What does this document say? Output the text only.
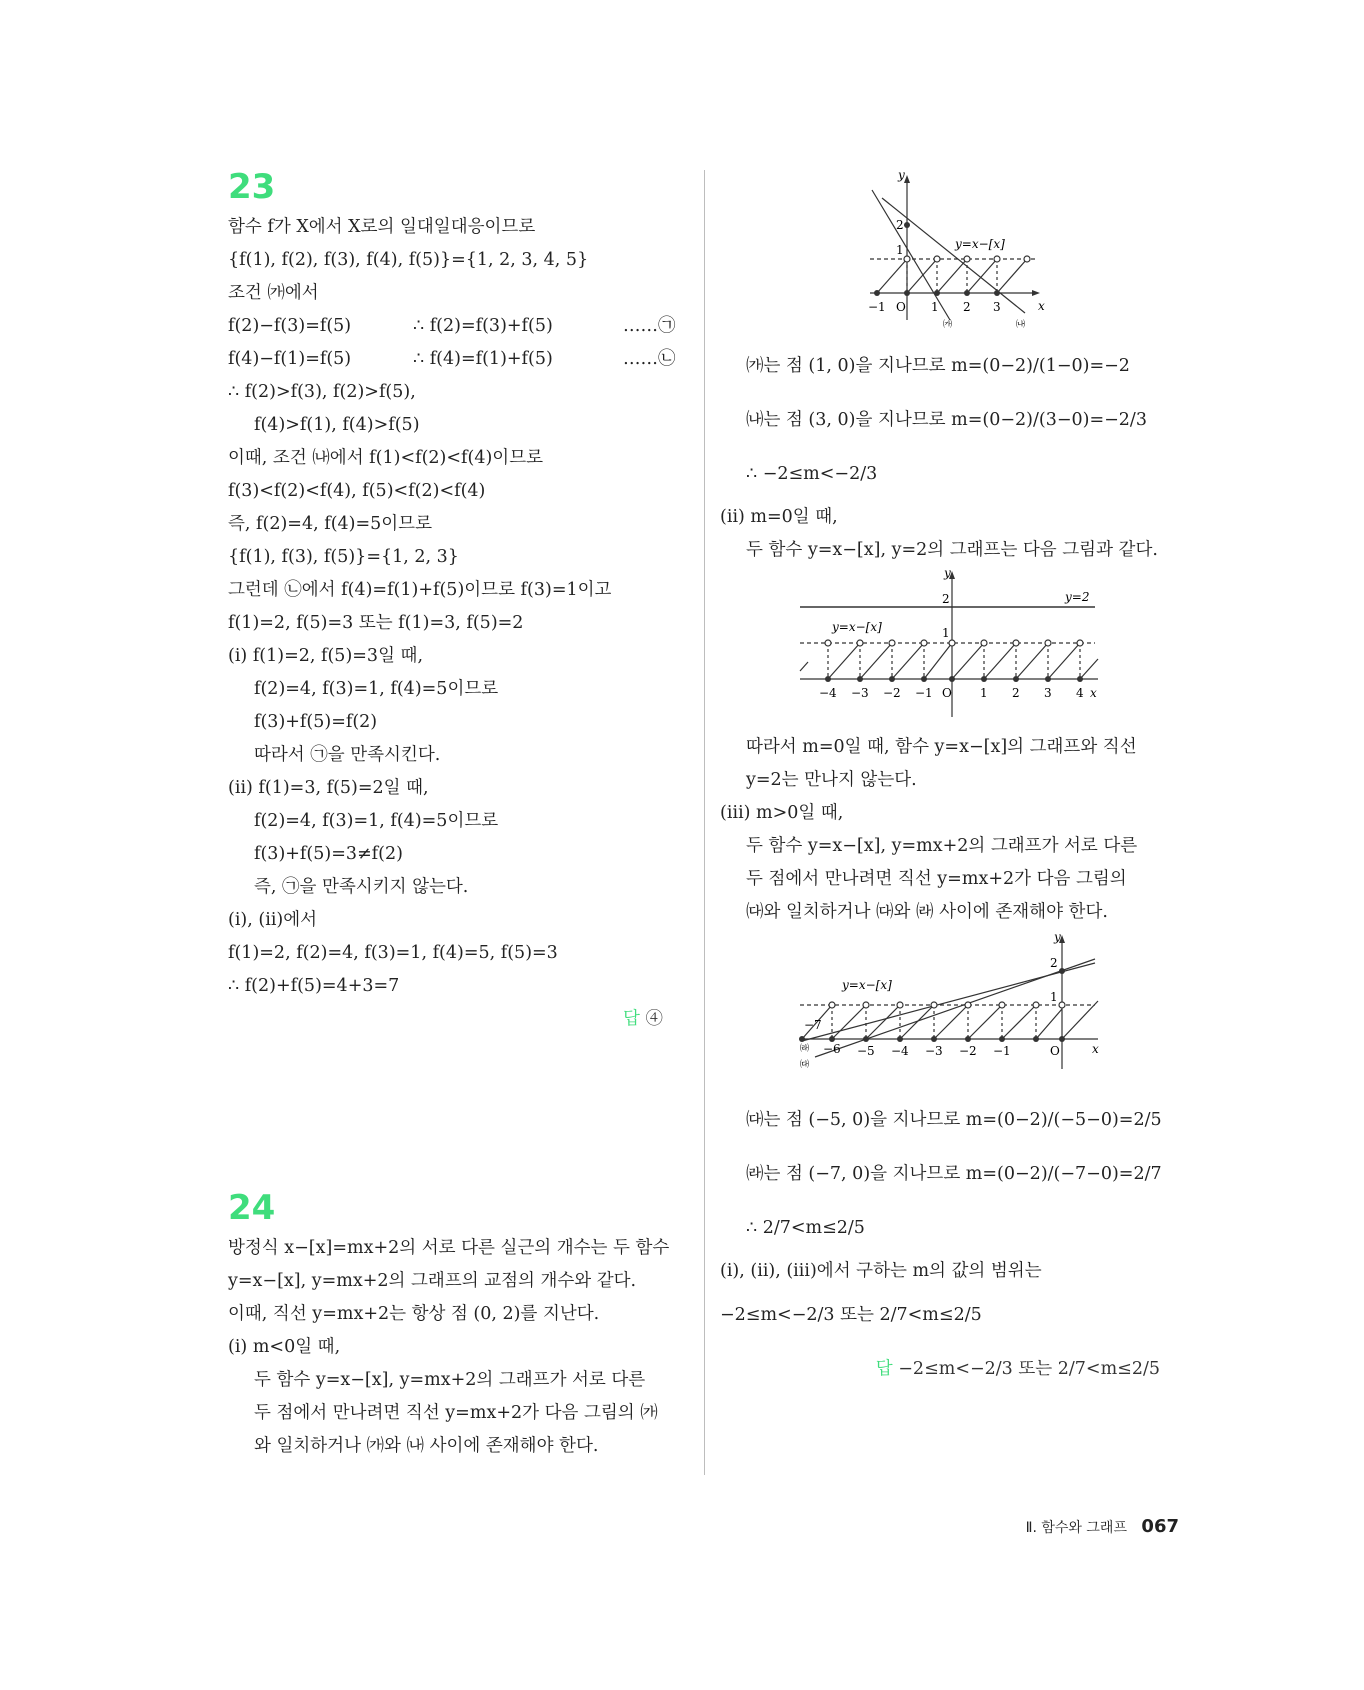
23
함수 f가 X에서 X로의 일대일대응이므로
{f(1), f(2), f(3), f(4), f(5)}={1, 2, 3, 4, 5}
조건 ㈎에서
f(2)−f(3)=f(5)	∴ f(2)=f(3)+f(5)	……㉠
f(4)−f(1)=f(5)	∴ f(4)=f(1)+f(5)	……㉡
∴ f(2)>f(3), f(2)>f(5),
f(4)>f(1), f(4)>f(5)
이때, 조건 ㈏에서 f(1)<f(2)<f(4)이므로
f(3)<f(2)<f(4), f(5)<f(2)<f(4)
즉, f(2)=4, f(4)=5이므로
{f(1), f(3), f(5)}={1, 2, 3}
그런데 ㉡에서 f(4)=f(1)+f(5)이므로 f(3)=1이고
f(1)=2, f(5)=3 또는 f(1)=3, f(5)=2
(ⅰ) f(1)=2, f(5)=3일 때,
f(2)=4, f(3)=1, f(4)=5이므로
f(3)+f(5)=f(2)
따라서 ㉠을 만족시킨다.
(ⅱ) f(1)=3, f(5)=2일 때,
f(2)=4, f(3)=1, f(4)=5이므로
f(3)+f(5)=3≠f(2)
즉, ㉠을 만족시키지 않는다.
(ⅰ), (ⅱ)에서
f(1)=2, f(2)=4, f(3)=1, f(4)=5, f(5)=3
∴ f(2)+f(5)=4+3=7
답 ④
24
방정식 x−[x]=mx+2의 서로 다른 실근의 개수는 두 함수
y=x−[x], y=mx+2의 그래프의 교점의 개수와 같다.
이때, 직선 y=mx+2는 항상 점 (0, 2)를 지난다.
(ⅰ) m<0일 때,
두 함수 y=x−[x], y=mx+2의 그래프가 서로 다른
두 점에서 만나려면 직선 y=mx+2가 다음 그림의 ㈎
와 일치하거나 ㈎와 ㈏ 사이에 존재해야 한다.
y
x
O
−1	1 2 3
1
2
y=x−[x]
㈎	㈏
㈎는 점 (1, 0)을 지나므로 m=(0−2)/(1−0)=−2
㈏는 점 (3, 0)을 지나므로 m=(0−2)/(3−0)=−2/3
∴ −2≤m<−2/3
(ⅱ) m=0일 때,
두 함수 y=x−[x], y=2의 그래프는 다음 그림과 같다.
y
x
O
−4 −3 −2 −1	1 2 3 4
1
2
y=x−[x]
y=2
따라서 m=0일 때, 함수 y=x−[x]의 그래프와 직선
y=2는 만나지 않는다.
(ⅲ) m>0일 때,
두 함수 y=x−[x], y=mx+2의 그래프가 서로 다른
두 점에서 만나려면 직선 y=mx+2가 다음 그림의
㈐와 일치하거나 ㈐와 ㈑ 사이에 존재해야 한다.
y
x
O
−6 −5 −4 −3 −2 −1
−7
1
2
y=x−[x]
㈑
㈐
㈐는 점 (−5, 0)을 지나므로 m=(0−2)/(−5−0)=2/5
㈑는 점 (−7, 0)을 지나므로 m=(0−2)/(−7−0)=2/7
∴ 2/7<m≤2/5
(ⅰ), (ⅱ), (ⅲ)에서 구하는 m의 값의 범위는
−2≤m<−2/3 또는 2/7<m≤2/5
답 −2≤m<−2/3 또는 2/7<m≤2/5
Ⅱ. 함수와 그래프 067
